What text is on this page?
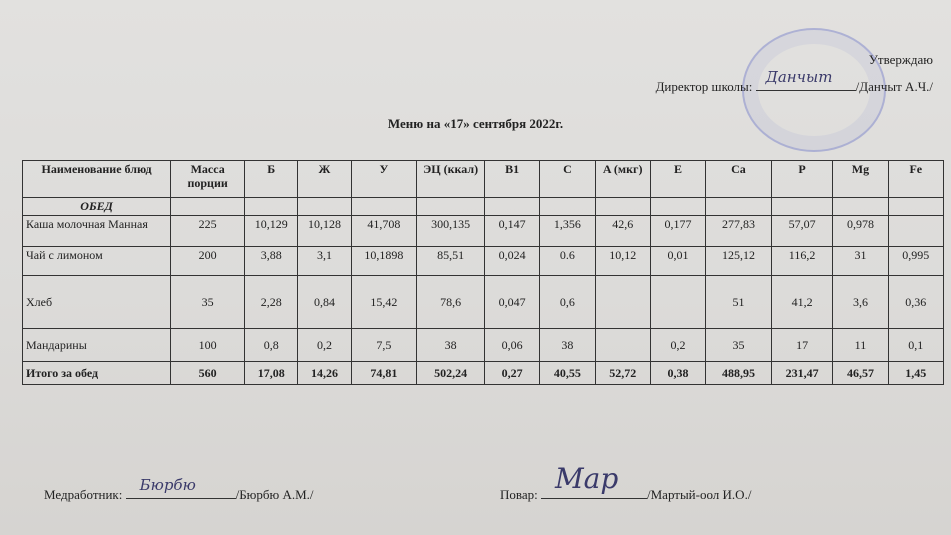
Утверждаю
Директор школы:
Данчыт
/Данчыт А.Ч./
Меню на «17» сентября 2022г.
Наименование блюд	Масса порции	Б	Ж	У	ЭЦ (ккал)	B1	C	A (мкг)	E	Ca	P	Mg	Fe
ОБЕД													
Каша молочная Манная	225	10,129	10,128	41,708	300,135	0,147	1,356	42,6	0,177	277,83	57,07	0,978	
Чай с лимоном	200	3,88	3,1	10,1898	85,51	0,024	0.6	10,12	0,01	125,12	116,2	31	0,995
Хлеб	35	2,28	0,84	15,42	78,6	0,047	0,6			51	41,2	3,6	0,36
Мандарины	100	0,8	0,2	7,5	38	0,06	38		0,2	35	17	11	0,1
Итого за обед	560	17,08	14,26	74,81	502,24	0,27	40,55	52,72	0,38	488,95	231,47	46,57	1,45
Медработник:
Бюрбю
/Бюрбю А.М./	Повар: Мар /Мартый-оол И.О./
